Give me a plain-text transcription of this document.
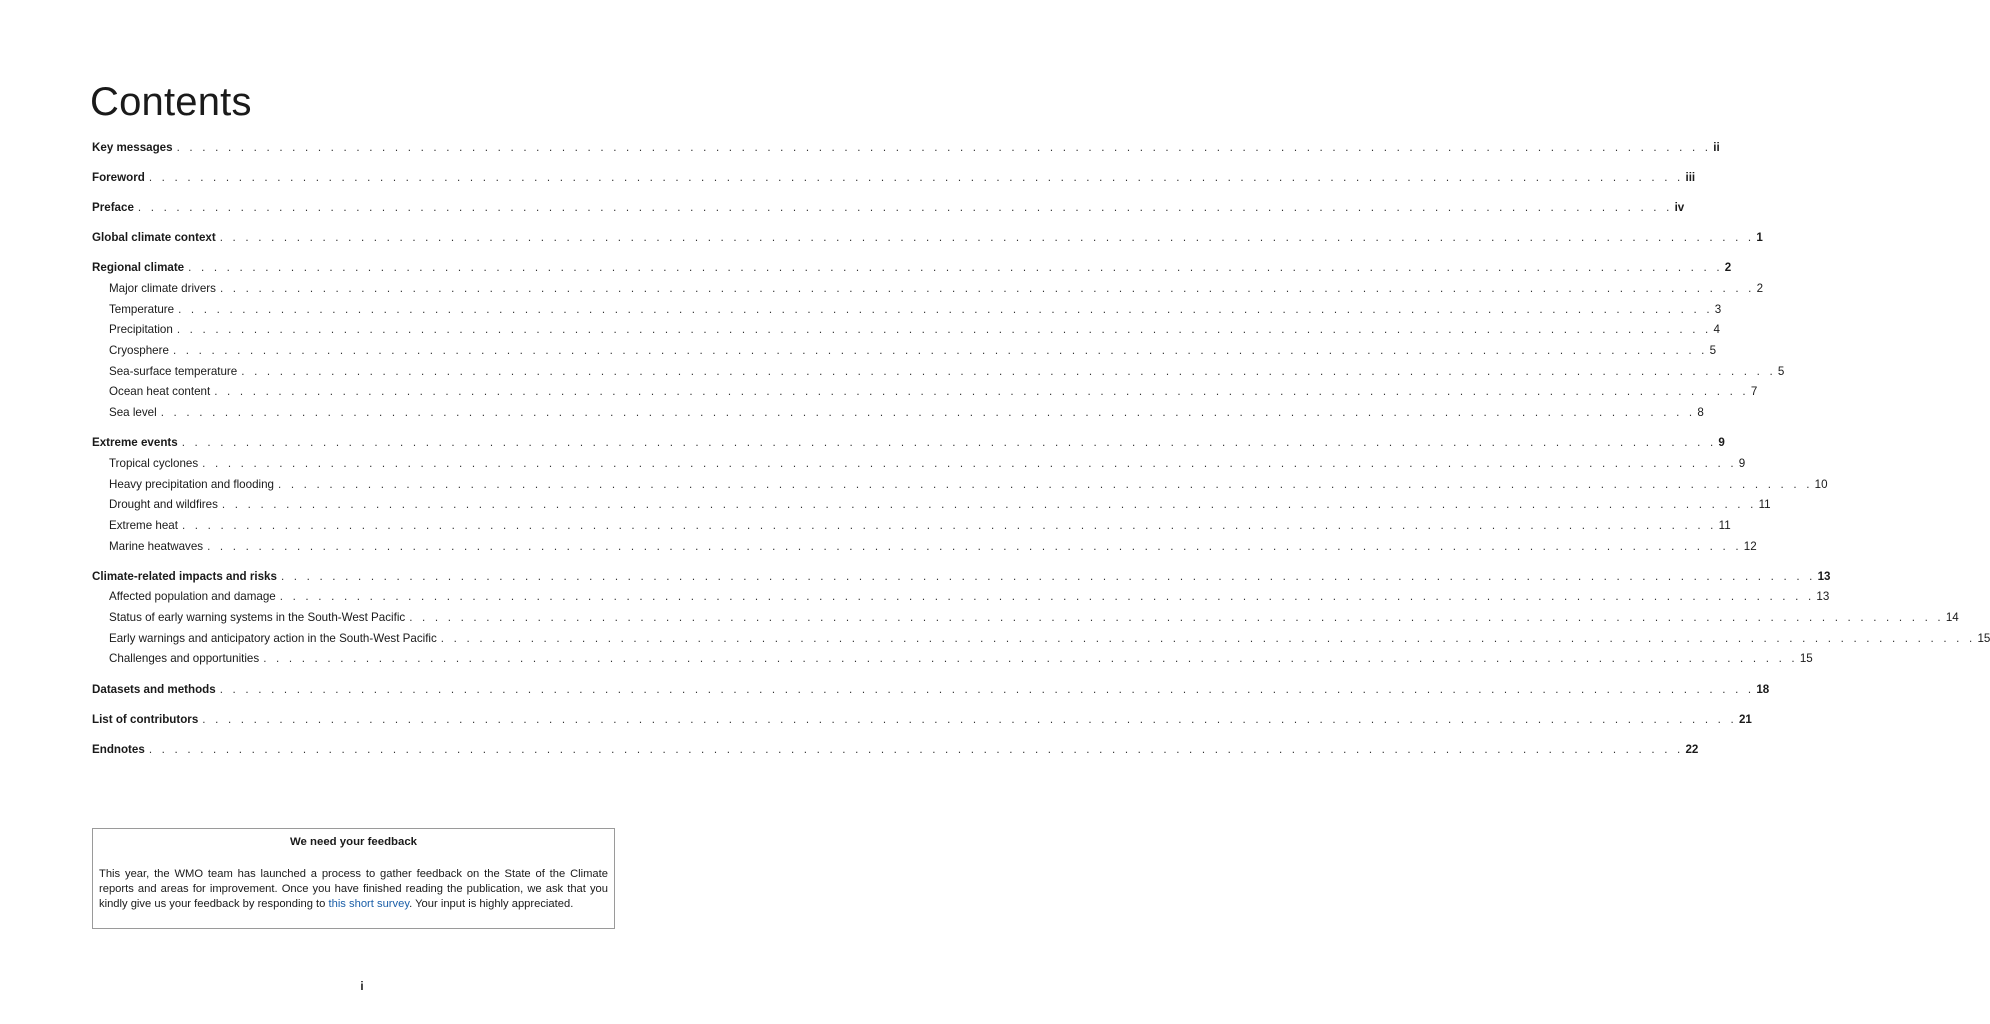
Contents
Key messages . . . . . . . . . . . . . . . . . . . . . . . . . . . . . . . . . . . . . . . . . . . . . . . . . . . . . . . . . . . . . . . . . . . . . . . . . . . . . . . . . . . . . . . . . . . . . . . . . . . . . . . . . . . . . . . . . . . . . . . . ii
Foreword . . . . . . . . . . . . . . . . . . . . . . . . . . . . . . . . . . . . . . . . . . . . . . . . . . . . . . . . . . . . . . . . . . . . . . . . . . . . . . . . . . . . . . . . . . . . . . . . . . . . . . . . . . . . . . . . . . . . . . . . iii
Preface . . . . . . . . . . . . . . . . . . . . . . . . . . . . . . . . . . . . . . . . . . . . . . . . . . . . . . . . . . . . . . . . . . . . . . . . . . . . . . . . . . . . . . . . . . . . . . . . . . . . . . . . . . . . . . . . . . . . . . . . iv
Global climate context . . . . . . . . . . . . . . . . . . . . . . . . . . . . . . . . . . . . . . . . . . . . . . . . . . . . . . . . . . . . . . . . . . . . . . . . . . . . . . . . . . . . . . . . . . . . . . . . . . . . . . . . . . . . . . . . . . . . . . . . 1
Regional climate . . . . . . . . . . . . . . . . . . . . . . . . . . . . . . . . . . . . . . . . . . . . . . . . . . . . . . . . . . . . . . . . . . . . . . . . . . . . . . . . . . . . . . . . . . . . . . . . . . . . . . . . . . . . . . . . . . . . . . . . 2
Major climate drivers . . . . . . . . . . . . . . . . . . . . . . . . . . . . . . . . . . . . . . . . . . . . . . . . . . . . . . . . . . . . . . . . . . . . . . . . . . . . . . . . . . . . . . . . . . . . . . . . . . . . . . . . . . . . . . . . . . . . . . . . 2
Temperature . . . . . . . . . . . . . . . . . . . . . . . . . . . . . . . . . . . . . . . . . . . . . . . . . . . . . . . . . . . . . . . . . . . . . . . . . . . . . . . . . . . . . . . . . . . . . . . . . . . . . . . . . . . . . . . . . . . . . . . . 3
Precipitation . . . . . . . . . . . . . . . . . . . . . . . . . . . . . . . . . . . . . . . . . . . . . . . . . . . . . . . . . . . . . . . . . . . . . . . . . . . . . . . . . . . . . . . . . . . . . . . . . . . . . . . . . . . . . . . . . . . . . . . . 4
Cryosphere . . . . . . . . . . . . . . . . . . . . . . . . . . . . . . . . . . . . . . . . . . . . . . . . . . . . . . . . . . . . . . . . . . . . . . . . . . . . . . . . . . . . . . . . . . . . . . . . . . . . . . . . . . . . . . . . . . . . . . . . 5
Sea-surface temperature . . . . . . . . . . . . . . . . . . . . . . . . . . . . . . . . . . . . . . . . . . . . . . . . . . . . . . . . . . . . . . . . . . . . . . . . . . . . . . . . . . . . . . . . . . . . . . . . . . . . . . . . . . . . . . . . . . . . . . . . 5
Ocean heat content . . . . . . . . . . . . . . . . . . . . . . . . . . . . . . . . . . . . . . . . . . . . . . . . . . . . . . . . . . . . . . . . . . . . . . . . . . . . . . . . . . . . . . . . . . . . . . . . . . . . . . . . . . . . . . . . . . . . . . . . 7
Sea level . . . . . . . . . . . . . . . . . . . . . . . . . . . . . . . . . . . . . . . . . . . . . . . . . . . . . . . . . . . . . . . . . . . . . . . . . . . . . . . . . . . . . . . . . . . . . . . . . . . . . . . . . . . . . . . . . . . . . . . . 8
Extreme events . . . . . . . . . . . . . . . . . . . . . . . . . . . . . . . . . . . . . . . . . . . . . . . . . . . . . . . . . . . . . . . . . . . . . . . . . . . . . . . . . . . . . . . . . . . . . . . . . . . . . . . . . . . . . . . . . . . . . . . . 9
Tropical cyclones . . . . . . . . . . . . . . . . . . . . . . . . . . . . . . . . . . . . . . . . . . . . . . . . . . . . . . . . . . . . . . . . . . . . . . . . . . . . . . . . . . . . . . . . . . . . . . . . . . . . . . . . . . . . . . . . . . . . . . . . 9
Heavy precipitation and flooding . . . . . . . . . . . . . . . . . . . . . . . . . . . . . . . . . . . . . . . . . . . . . . . . . . . . . . . . . . . . . . . . . . . . . . . . . . . . . . . . . . . . . . . . . . . . . . . . . . . . . . . . . . . . . . . . . . . . . . . . 10
Drought and wildfires . . . . . . . . . . . . . . . . . . . . . . . . . . . . . . . . . . . . . . . . . . . . . . . . . . . . . . . . . . . . . . . . . . . . . . . . . . . . . . . . . . . . . . . . . . . . . . . . . . . . . . . . . . . . . . . . . . . . . . . . 11
Extreme heat . . . . . . . . . . . . . . . . . . . . . . . . . . . . . . . . . . . . . . . . . . . . . . . . . . . . . . . . . . . . . . . . . . . . . . . . . . . . . . . . . . . . . . . . . . . . . . . . . . . . . . . . . . . . . . . . . . . . . . . . 11
Marine heatwaves . . . . . . . . . . . . . . . . . . . . . . . . . . . . . . . . . . . . . . . . . . . . . . . . . . . . . . . . . . . . . . . . . . . . . . . . . . . . . . . . . . . . . . . . . . . . . . . . . . . . . . . . . . . . . . . . . . . . . . . . 12
Climate-related impacts and risks . . . . . . . . . . . . . . . . . . . . . . . . . . . . . . . . . . . . . . . . . . . . . . . . . . . . . . . . . . . . . . . . . . . . . . . . . . . . . . . . . . . . . . . . . . . . . . . . . . . . . . . . . . . . . . . . . . . . . . . . 13
Affected population and damage . . . . . . . . . . . . . . . . . . . . . . . . . . . . . . . . . . . . . . . . . . . . . . . . . . . . . . . . . . . . . . . . . . . . . . . . . . . . . . . . . . . . . . . . . . . . . . . . . . . . . . . . . . . . . . . . . . . . . . . . 13
Status of early warning systems in the South-West Pacific . . . . . . . . . . . . . . . . . . . . . . . . . . . . . . . . . . . . . . . . . . . . . . . . . . . . . . . . . . . . . . . . . . . . . . . . . . . . . . . . . . . . . . . . . . . . . . . . . . . . . . . . . . . . . . . . . . . . . . . . 14
Early warnings and anticipatory action in the South-West Pacific . . . . . . . . . . . . . . . . . . . . . . . . . . . . . . . . . . . . . . . . . . . . . . . . . . . . . . . . . . . . . . . . . . . . . . . . . . . . . . . . . . . . . . . . . . . . . . . . . . . . . . . . . . . . . . . . . . . . . . . . 15
Challenges and opportunities . . . . . . . . . . . . . . . . . . . . . . . . . . . . . . . . . . . . . . . . . . . . . . . . . . . . . . . . . . . . . . . . . . . . . . . . . . . . . . . . . . . . . . . . . . . . . . . . . . . . . . . . . . . . . . . . . . . . . . . . 15
Datasets and methods . . . . . . . . . . . . . . . . . . . . . . . . . . . . . . . . . . . . . . . . . . . . . . . . . . . . . . . . . . . . . . . . . . . . . . . . . . . . . . . . . . . . . . . . . . . . . . . . . . . . . . . . . . . . . . . . . . . . . . . . 18
List of contributors . . . . . . . . . . . . . . . . . . . . . . . . . . . . . . . . . . . . . . . . . . . . . . . . . . . . . . . . . . . . . . . . . . . . . . . . . . . . . . . . . . . . . . . . . . . . . . . . . . . . . . . . . . . . . . . . . . . . . . . . 21
Endnotes . . . . . . . . . . . . . . . . . . . . . . . . . . . . . . . . . . . . . . . . . . . . . . . . . . . . . . . . . . . . . . . . . . . . . . . . . . . . . . . . . . . . . . . . . . . . . . . . . . . . . . . . . . . . . . . . . . . . . . . . 22
We need your feedback

This year, the WMO team has launched a process to gather feedback on the State of the Climate reports and areas for improvement. Once you have finished reading the publication, we ask that you kindly give us your feedback by responding to this short survey. Your input is highly appreciated.

i
